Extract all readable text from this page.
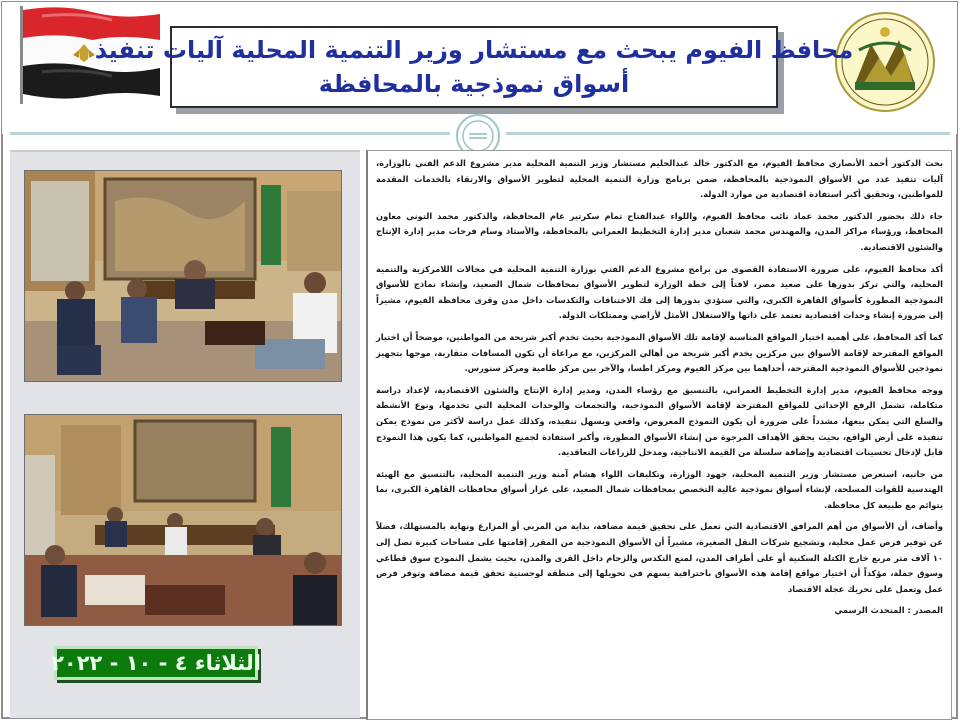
محافظ الفيوم يبحث مع مستشار وزير التنمية المحلية آليات تنفيذ
أسواق نموذجية بالمحافظة
الثلاثاء ٤ - ١٠ - ٢٠٢٢

بحث الدكتور أحمد الأنصاري محافظ الفيوم، مع الدكتور خالد عبدالحليم مستشار وزير التنمية المحلية مدير مشروع الدعم الفني بالوزارة، آليات تنفيذ عدد من الأسواق النموذجية بالمحافظة، ضمن برنامج وزارة التنمية المحلية لتطوير الأسواق والارتقاء بالخدمات المقدمة للمواطنين، وتحقيق أكبر استفادة اقتصادية من موارد الدولة.

جاء ذلك بحضور الدكتور محمد عماد نائب محافظ الفيوم، واللواء عبدالفتاح تمام سكرتير عام المحافظة، والدكتور محمد التوني معاون المحافظ، ورؤساء مراكز المدن، والمهندس محمد شعبان مدير إدارة التخطيط العمراني بالمحافظة، والأستاذ وسام فرحات مدير إدارة الإنتاج والشئون الاقتصادية.

أكد محافظ الفيوم، على ضرورة الاستفادة القصوى من برامج مشروع الدعم الفني بوزارة التنمية المحلية في مجالات اللامركزية والتنمية المحلية، والتي تركز بدورها على صعيد مصر، لافتاً إلى خطة الوزارة لتطوير الأسواق بمحافظات شمال الصعيد، وإنشاء نماذج للأسواق النموذجية المطورة كأسواق القاهرة الكبرى، والتي ستؤدي بدورها إلى فك الاختناقات والتكدسات داخل مدن وقرى محافظة الفيوم، مشيراً إلى ضرورة إنشاء وحدات اقتصادية تعتمد على ذاتها والاستغلال الأمثل لأراضي وممتلكات الدولة.

كما أكد المحافظ، على أهمية اختيار المواقع المناسبة لإقامة تلك الأسواق النموذجية بحيث تخدم أكبر شريحة من المواطنين، موضحاً أن اختيار المواقع المقترحة لإقامة الأسواق بين مركزين يخدم أكبر شريحة من أهالي المركزين، مع مراعاة أن تكون المسافات متقاربة، موجها بتجهيز نموذجين للأسواق النموذجية المقترحة، أحداهما بين مركز الفيوم ومركز اطسا، والآخر بين مركز طامية ومركز سنورس.

ووجه محافظ الفيوم، مدير إدارة التخطيط العمراني، بالتنسيق مع رؤساء المدن، ومدير إدارة الإنتاج والشئون الاقتصادية، لإعداد دراسة متكاملة، تشمل الرفع الإحداثي للمواقع المقترحة لإقامة الأسواق النموذجية، والتجمعات والوحدات المحلية التي تخدمها، ونوع الأنشطة والسلع التي يمكن بيعها، مشدداً على ضرورة أن يكون النموذج المعروض، واقعي ويسهل تنفيذه، وكذلك عمل دراسة لأكثر من نموذج يمكن تنفيذه على أرض الواقع، بحيث يحقق الأهداف المرجوة من إنشاء الأسواق المطورة، وأكبر استفادة لجميع المواطنين، كما يكون هذا النموذج قابل لإدخال تحسينات اقتصادية وإضافة سلسلة من القيمة الانتاجية، ومدخل للزراعات التعاقدية.

من جانبه، استعرض مستشار وزير التنمية المحلية، جهود الوزارة، وتكليفات اللواء هشام آمنة وزير التنمية المحلية، بالتنسيق مع الهيئة الهندسية للقوات المسلحة، لإنشاء أسواق نموذجية عالية التخصص بمحافظات شمال الصعيد، على غرار أسواق محافظات القاهرة الكبرى، بما يتوائم مع طبيعة كل محافظة.

وأضاف، أن الأسواق من أهم المرافق الاقتصادية التي تعمل على تحقيق قيمة مضافة، بداية من المربي أو المزارع ونهاية بالمستهلك، فضلاً عن توفير فرص عمل محلية، وتشجيع شركات النقل الصغيرة، مشيراً أن الأسواق النموذجية من المقرر إقامتها على مساحات كبيرة تصل إلى ١٠ آلاف متر مربع خارج الكتلة السكنية أو على أطراف المدن، لمنع التكدس والزحام داخل القرى والمدن، بحيث يشمل النموذج سوق قطاعي وسوق جملة، مؤكداً أن اختيار مواقع إقامة هذه الأسواق باحترافية يسهم في تحويلها إلى منطقة لوجستية تحقق قيمة مضافة وتوفر فرص عمل وتعمل على تحريك عجلة الاقتصاد

المصدر : المتحدث الرسمي
